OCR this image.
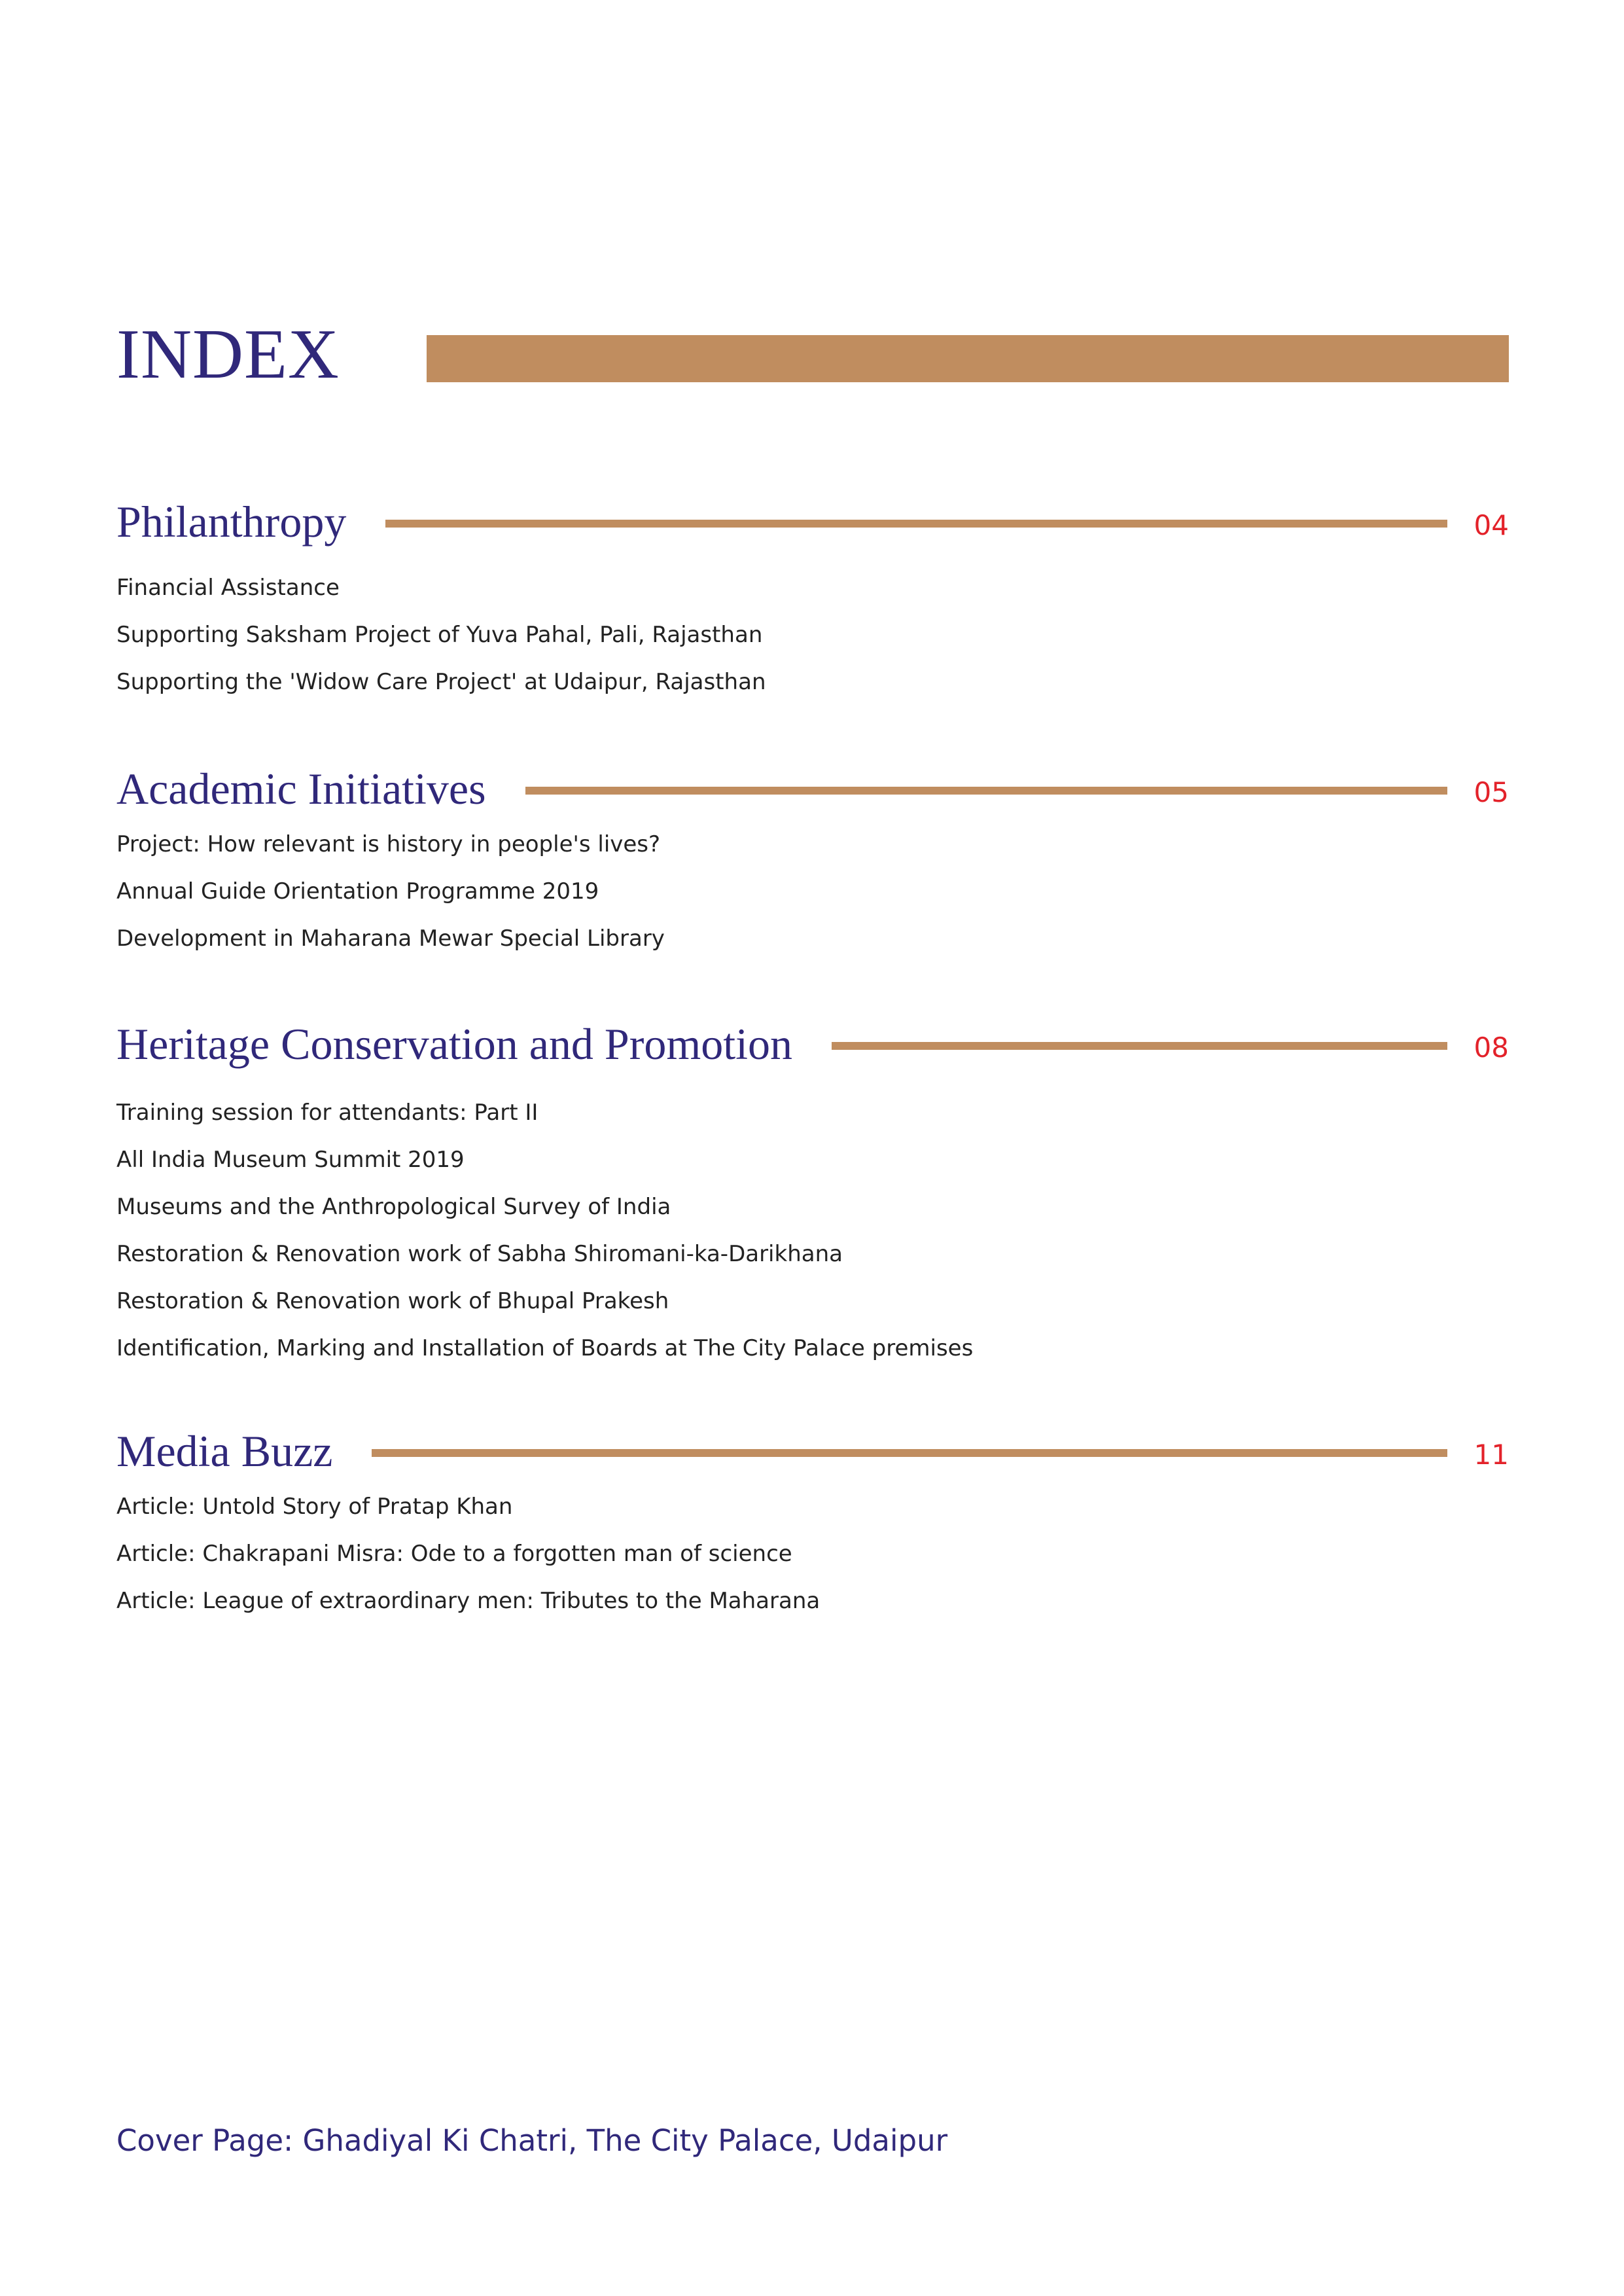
INDEX
Philanthropy	04
Financial Assistance
Supporting Saksham Project of Yuva Pahal, Pali, Rajasthan
Supporting the 'Widow Care Project' at Udaipur, Rajasthan
Academic Initiatives	05
Project: How relevant is history in people's lives?
Annual Guide Orientation Programme 2019
Development in Maharana Mewar Special Library
Heritage Conservation and Promotion	08
Training session for attendants: Part II
All India Museum Summit 2019
Museums and the Anthropological Survey of India
Restoration & Renovation work of Sabha Shiromani-ka-Darikhana
Restoration & Renovation work of Bhupal Prakesh
Identification, Marking and Installation of Boards at The City Palace premises
Media Buzz	11
Article: Untold Story of Pratap Khan
Article: Chakrapani Misra: Ode to a forgotten man of science
Article: League of extraordinary men: Tributes to the Maharana
Cover Page: Ghadiyal Ki Chatri, The City Palace, Udaipur
